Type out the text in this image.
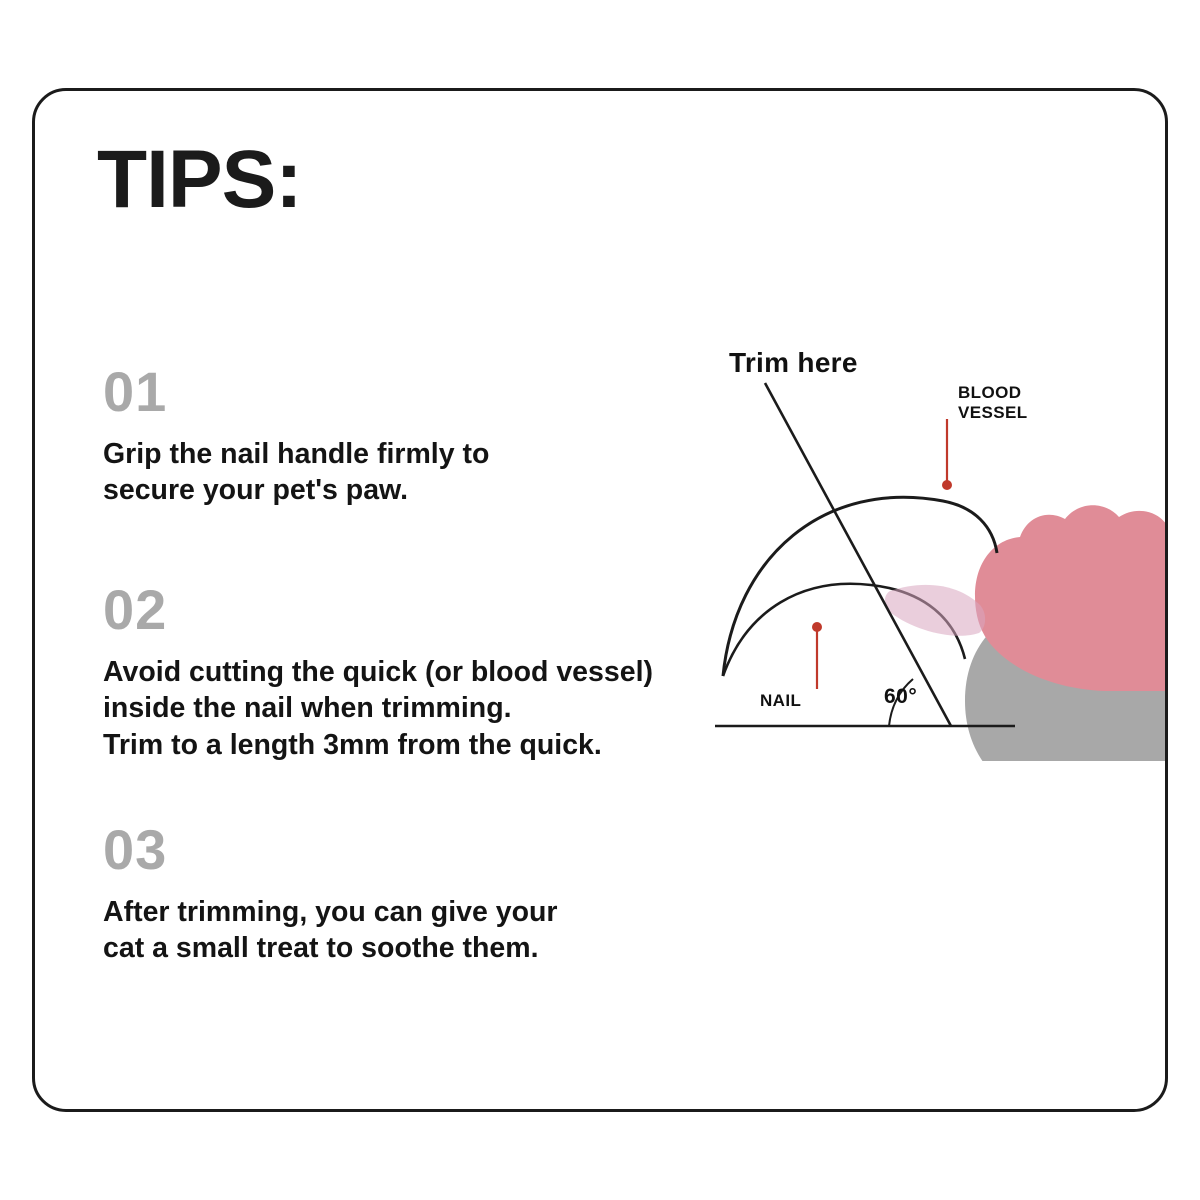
TIPS:
01
Grip the nail handle firmly to
secure your pet's paw.
02
Avoid cutting the quick (or blood vessel)
inside the nail when trimming.
Trim to a length 3mm from the quick.
03
After trimming, you can give your
cat a small treat to soothe them.
Trim here
BLOOD
VESSEL
NAIL	60°
